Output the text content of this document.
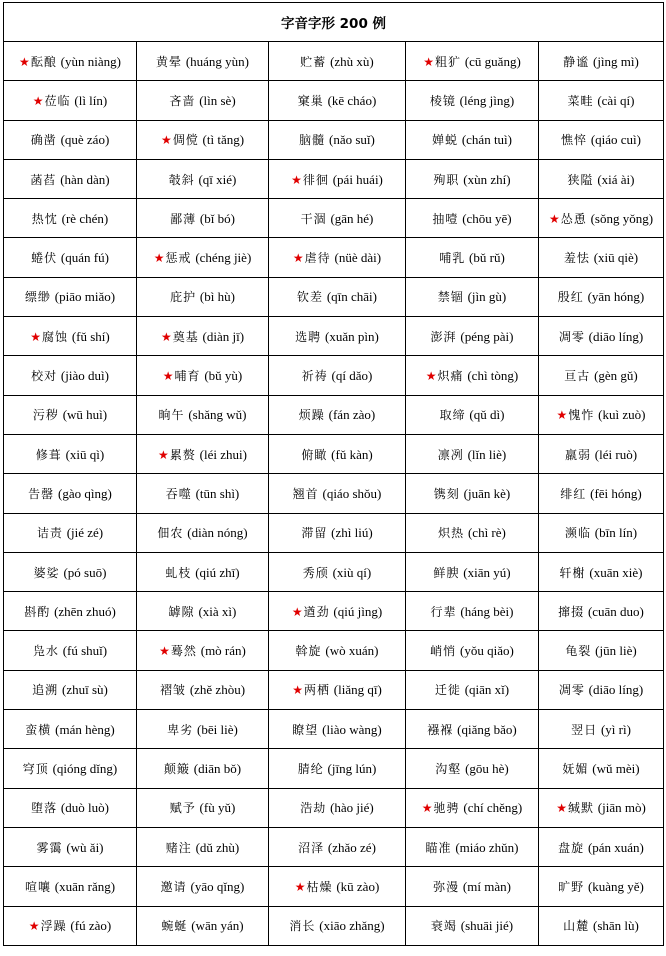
字音字形 200 例				
★酝酿 (yùn niàng)	黄晕 (huáng yùn)	贮蓄 (zhù xù)	★粗犷 (cū guǎng)	静谧 (jìng mì)
★莅临 (lì lín)	吝啬 (lìn sè)	窠巢 (kē cháo)	棱镜 (léng jìng)	菜畦 (cài qí)
确凿 (què záo)	★倜傥 (tì tǎng)	脑髓 (nǎo suǐ)	婵蜕 (chán tuì)	憔悴 (qiáo cuì)
菡萏 (hàn dàn)	攲斜 (qī xié)	★徘徊 (pái huái)	殉职 (xùn zhí)	狭隘 (xiá ài)
热忱 (rè chén)	鄙薄 (bǐ bó)	干涸 (gān hé)	抽噎 (chōu yē)	★怂恿 (sǒng yǒng)
蜷伏 (quán fú)	★惩戒 (chéng jiè)	★虐待 (nüè dài)	哺乳 (bǔ rǔ)	羞怯 (xiū qiè)
缥缈 (piāo miǎo)	庇护 (bì hù)	钦差 (qīn chāi)	禁锢 (jìn gù)	殷红 (yān hóng)
★腐蚀 (fǔ shí)	★奠基 (diàn jī)	选聘 (xuǎn pìn)	澎湃 (péng pài)	凋零 (diāo líng)
校对 (jiào duì)	★哺育 (bǔ yù)	祈祷 (qí dǎo)	★炽痛 (chì tòng)	亘古 (gèn gǔ)
污秽 (wū huì)	晌午 (shǎng wǔ)	烦躁 (fán zào)	取缔 (qǔ dì)	★愧怍 (kuì zuò)
修葺 (xiū qì)	★累赘 (léi zhui)	俯瞰 (fǔ kàn)	凛冽 (lǐn liè)	羸弱 (léi ruò)
告罄 (gào qìng)	吞噬 (tūn shì)	翘首 (qiáo shǒu)	镌刻 (juān kè)	绯红 (fēi hóng)
诘责 (jié zé)	佃农 (diàn nóng)	滞留 (zhì liú)	炽热 (chì rè)	濒临 (bīn lín)
婆娑 (pó suō)	虬枝 (qiú zhī)	秀颀 (xiù qí)	鲜腴 (xiān yú)	轩榭 (xuān xiè)
斟酌 (zhēn zhuó)	罅隙 (xià xì)	★遒劲 (qiú jìng)	行辈 (háng bèi)	撺掇 (cuān duo)
凫水 (fú shuǐ)	★蓦然 (mò rán)	斡旋 (wò xuán)	峭悄 (yǒu qiǎo)	龟裂 (jūn liè)
追溯 (zhuī sù)	褶皱 (zhě zhòu)	★两栖 (liǎng qī)	迁徙 (qiān xǐ)	凋零 (diāo líng)
蛮横 (mán hèng)	卑劣 (bēi liè)	瞭望 (liào wàng)	襁褓 (qiǎng bǎo)	翌日 (yì rì)
穹顶 (qióng dǐng)	颠簸 (diān bǒ)	腈纶 (jīng lún)	沟壑 (gōu hè)	妩媚 (wǔ mèi)
堕落 (duò luò)	赋予 (fù yǔ)	浩劫 (hào jié)	★驰骋 (chí chěng)	★缄默 (jiān mò)
雾霭 (wù ǎi)	赌注 (dǔ zhù)	沼泽 (zhǎo zé)	瞄准 (miáo zhǔn)	盘旋 (pán xuán)
喧嚷 (xuān rǎng)	邀请 (yāo qǐng)	★枯燥 (kū zào)	弥漫 (mí màn)	旷野 (kuàng yě)
★浮躁 (fú zào)	蜿蜒 (wān yán)	消长 (xiāo zhǎng)	衰竭 (shuāi jié)	山麓 (shān lù)
